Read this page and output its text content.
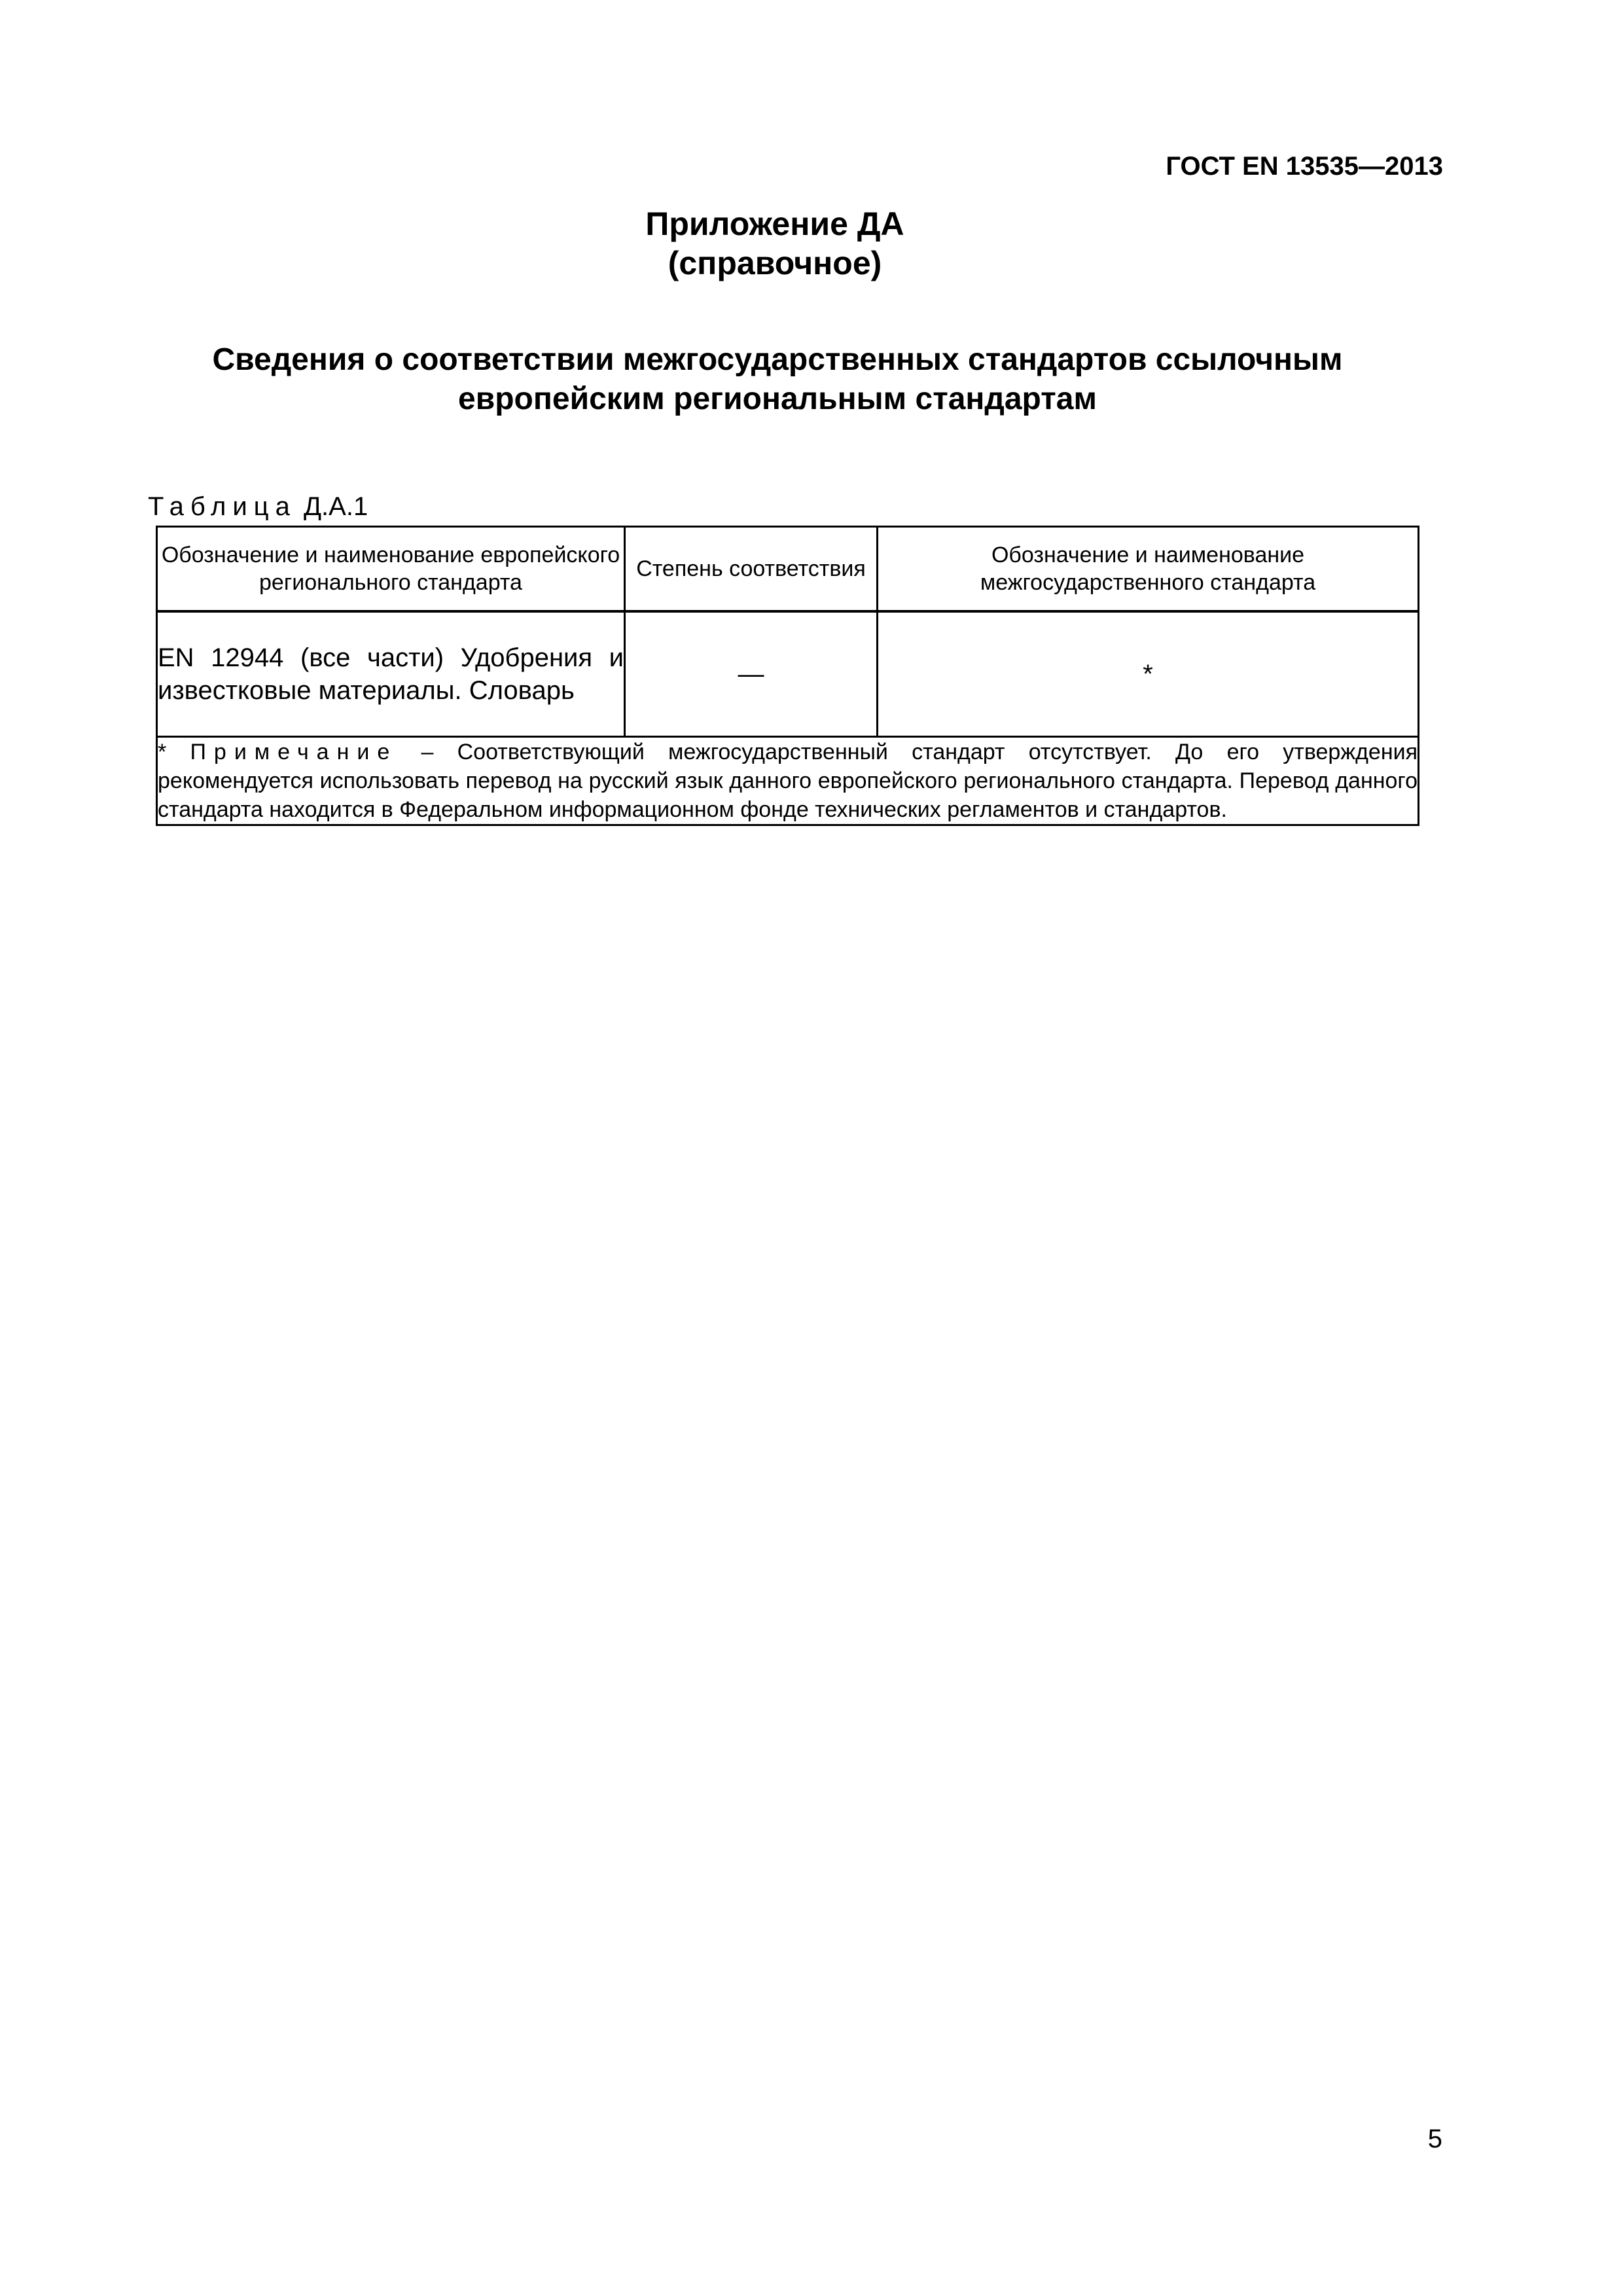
ГОСТ EN 13535—2013
Приложение ДА
(справочное)
Сведения о соответствии межгосударственных стандартов ссылочным
европейским региональным стандартам
Таблица Д.А.1
Обозначение и наименование европейского регионального стандарта	Степень соответствия	Обозначение и наименование межгосударственного стандарта
EN 12944 (все части) Удобрения и известковые материалы. Словарь	—	*
* Примечание – Соответствующий межгосударственный стандарт отсутствует. До его утверждения рекомендуется использовать перевод на русский язык данного европейского регионального стандарта. Перевод данного стандарта находится в Федеральном информационном фонде технических регламентов и стандартов.		
5
